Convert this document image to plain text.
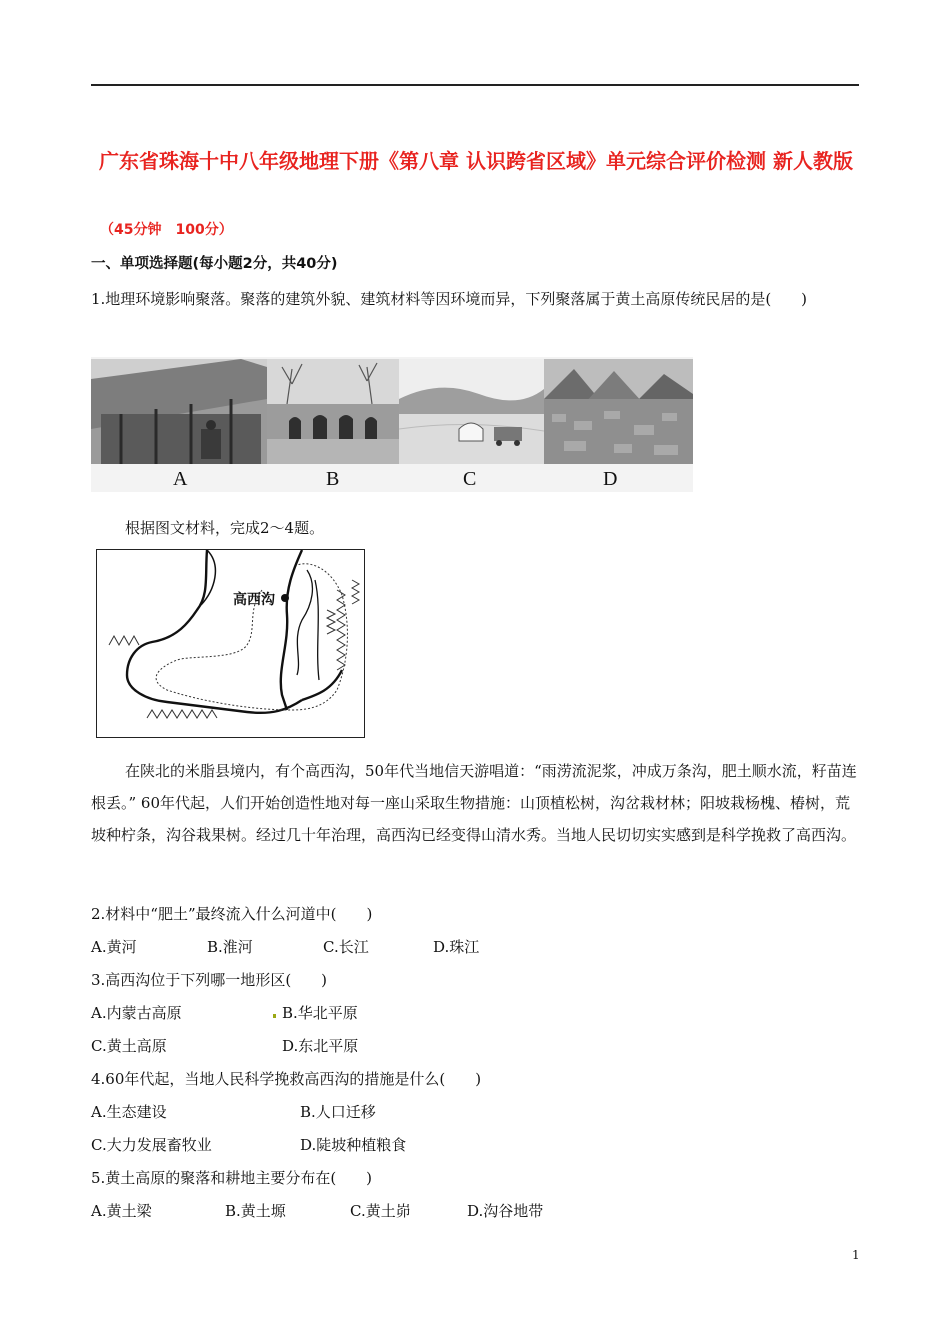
广东省珠海十中八年级地理下册《第八章 认识跨省区域》单元综合评价检测 新人教版
（45分钟　100分）
一、单项选择题(每小题2分，共40分)
1.地理环境影响聚落。聚落的建筑外貌、建筑材料等因环境而异，下列聚落属于黄土高原传统民居的是(　　)
A	B	C	D
根据图文材料，完成2～4题。
高西沟
在陕北的米脂县境内，有个高西沟，50年代当地信天游唱道：“雨涝流泥浆，冲成万条沟，肥土顺水流，籽苗连根丢。” 60年代起，人们开始创造性地对每一座山采取生物措施：山顶植松树，沟岔栽材林；阳坡栽杨槐、椿树，荒坡种柠条，沟谷栽果树。经过几十年治理，高西沟已经变得山清水秀。当地人民切切实实感到是科学挽救了高西沟。
2.材料中“肥土”最终流入什么河道中(　　)
A.黄河	B.淮河	C.长江	D.珠江
3.高西沟位于下列哪一地形区(　　)
A.内蒙古高原	B.华北平原
C.黄土高原	D.东北平原
4.60年代起，当地人民科学挽救高西沟的措施是什么(　　)
A.生态建设	B.人口迁移
C.大力发展畜牧业	D.陡坡种植粮食
5.黄土高原的聚落和耕地主要分布在(　　)
A.黄土梁	B.黄土塬	C.黄土峁	D.沟谷地带
1
